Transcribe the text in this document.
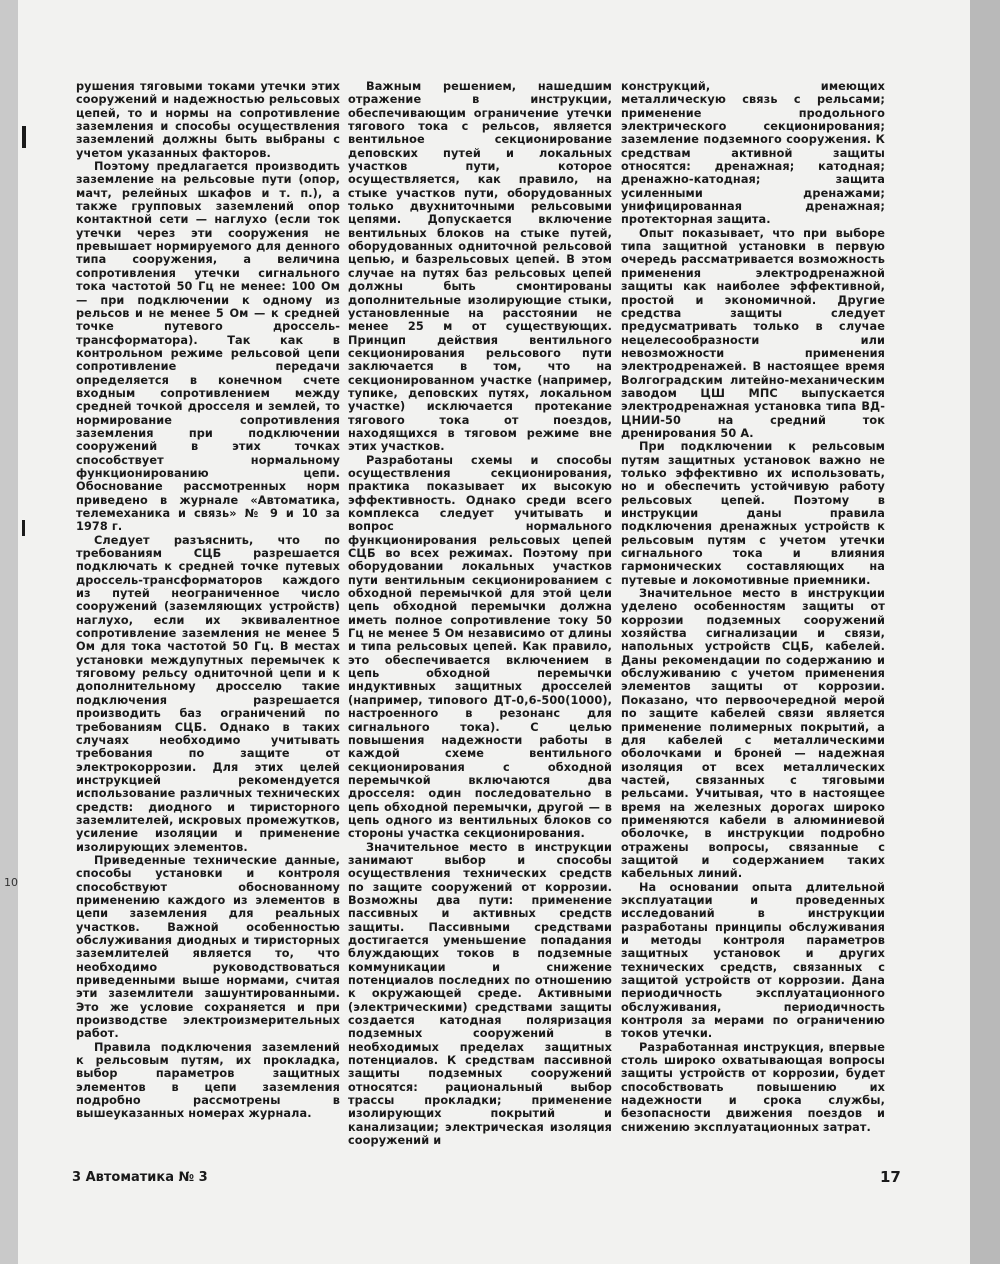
10

рушения тяговыми токами утечки этих сооружений и надежностью рельсовых цепей, то и нормы на сопротивление заземления и способы осуществления заземлений должны быть выбраны с учетом указанных факторов.

Поэтому предлагается производить заземление на рельсовые пути (опор, мачт, релейных шкафов и т. п.), а также групповых заземлений опор контактной сети — наглухо (если ток утечки через эти сооружения не превышает нормируемого для денного типа сооружения, а величина сопротивления утечки сигнального тока частотой 50 Гц не менее: 100 Ом — при подключении к одному из рельсов и не менее 5 Ом — к средней точке путевого дроссель-трансформатора). Так как в контрольном режиме рельсовой цепи сопротивление передачи определяется в конечном счете входным сопротивлением между средней точкой дросселя и землей, то нормирование сопротивления заземления при подключении сооружений в этих точках способствует нормальному функционированию цепи. Обоснование рассмотренных норм приведено в журнале «Автоматика, телемеханика и связь» № 9 и 10 за 1978 г.

Следует разъяснить, что по требованиям СЦБ разрешается подключать к средней точке путевых дроссель-трансформаторов каждого из путей неограниченное число сооружений (заземляющих устройств) наглухо, если их эквивалентное сопротивление заземления не менее 5 Ом для тока частотой 50 Гц. В местах установки междупутных перемычек к тяговому рельсу одниточной цепи и к дополнительному дросселю такие подключения разрешается производить баз ограничений по требованиям СЦБ. Однако в таких случаях необходимо учитывать требования по защите от электрокоррозии. Для этих целей инструкцией рекомендуется использование различных технических средств: диодного и тиристорного заземлителей, искровых промежутков, усиление изоляции и применение изолирующих элементов.

Приведенные технические данные, способы установки и контроля способствуют обоснованному применению каждого из элементов в цепи заземления для реальных участков. Важной особенностью обслуживания диодных и тиристорных заземлителей является то, что необходимо руководствоваться приведенными выше нормами, считая эти заземлители зашунтированными. Это же условие сохраняется и при производстве электроизмерительных работ.

Правила подключения заземлений к рельсовым путям, их прокладка, выбор параметров защитных элементов в цепи заземления подробно рассмотрены в вышеуказанных номерах журнала.

Важным решением, нашедшим отражение в инструкции, обеспечивающим ограничение утечки тягового тока с рельсов, является вентильное секционирование деповских путей и локальных участков пути, которое осуществляется, как правило, на стыке участков пути, оборудованных только двухниточными рельсовыми цепями. Допускается включение вентильных блоков на стыке путей, оборудованных одниточной рельсовой цепью, и базрельсовых цепей. В этом случае на путях баз рельсовых цепей должны быть смонтированы дополнительные изолирующие стыки, установленные на расстоянии не менее 25 м от существующих. Принцип действия вентильного секционирования рельсового пути заключается в том, что на секционированном участке (например, тупике, деповских путях, локальном участке) исключается протекание тягового тока от поездов, находящихся в тяговом режиме вне этих участков.

Разработаны схемы и способы осуществления секционирования, практика показывает их высокую эффективность. Однако среди всего комплекса следует учитывать и вопрос нормального функционирования рельсовых цепей СЦБ во всех режимах. Поэтому при оборудовании локальных участков пути вентильным секционированием с обходной перемычкой для этой цели цепь обходной перемычки должна иметь полное сопротивление току 50 Гц не менее 5 Ом независимо от длины и типа рельсовых цепей. Как правило, это обеспечивается включением в цепь обходной перемычки индуктивных защитных дросселей (например, типового ДТ-0,6-500(1000), настроенного в резонанс для сигнального тока). С целью повышения надежности работы в каждой схеме вентильного секционирования с обходной перемычкой включаются два дросселя: один последовательно в цепь обходной перемычки, другой — в цепь одного из вентильных блоков со стороны участка секционирования.

Значительное место в инструкции занимают выбор и способы осуществления технических средств по защите сооружений от коррозии. Возможны два пути: применение пассивных и активных средств защиты. Пассивными средствами достигается уменьшение попадания блуждающих токов в подземные коммуникации и снижение потенциалов последних по отношению к окружающей среде. Активными (электрическими) средствами защиты создается катодная поляризация подземных сооружений в необходимых пределах защитных потенциалов. К средствам пассивной защиты подземных сооружений относятся: рациональный выбор трассы прокладки; применение изолирующих покрытий и канализации; электрическая изоляция сооружений и

конструкций, имеющих металлическую связь с рельсами; применение продольного электрического секционирования; заземление подземного сооружения. К средствам активной защиты относятся: дренажная; катодная; дренажно-катодная; защита усиленными дренажами; унифицированная дренажная; протекторная защита.

Опыт показывает, что при выборе типа защитной установки в первую очередь рассматривается возможность применения электродренажной защиты как наиболее эффективной, простой и экономичной. Другие средства защиты следует предусматривать только в случае нецелесообразности или невозможности применения электродренажей. В настоящее время Волгоградским литейно-механическим заводом ЦШ МПС выпускается электродренажная установка типа ВД-ЦНИИ-50 на средний ток дренирования 50 А.

При подключении к рельсовым путям защитных установок важно не только эффективно их использовать, но и обеспечить устойчивую работу рельсовых цепей. Поэтому в инструкции даны правила подключения дренажных устройств к рельсовым путям с учетом утечки сигнального тока и влияния гармонических составляющих на путевые и локомотивные приемники.

Значительное место в инструкции уделено особенностям защиты от коррозии подземных сооружений хозяйства сигнализации и связи, напольных устройств СЦБ, кабелей. Даны рекомендации по содержанию и обслуживанию с учетом применения элементов защиты от коррозии. Показано, что первоочередной мерой по защите кабелей связи является применение полимерных покрытий, а для кабелей с металлическими оболочками и броней — надежная изоляция от всех металлических частей, связанных с тяговыми рельсами. Учитывая, что в настоящее время на железных дорогах широко применяются кабели в алюминиевой оболочке, в инструкции подробно отражены вопросы, связанные с защитой и содержанием таких кабельных линий.

На основании опыта длительной эксплуатации и проведенных исследований в инструкции разработаны принципы обслуживания и методы контроля параметров защитных установок и других технических средств, связанных с защитой устройств от коррозии. Дана периодичность эксплуатационного обслуживания, периодичность контроля за мерами по ограничению токов утечки.

Разработанная инструкция, впервые столь широко охватывающая вопросы защиты устройств от коррозии, будет способствовать повышению их надежности и срока службы, безопасности движения поездов и снижению эксплуатационных затрат.

3 Автоматика № 3	17
